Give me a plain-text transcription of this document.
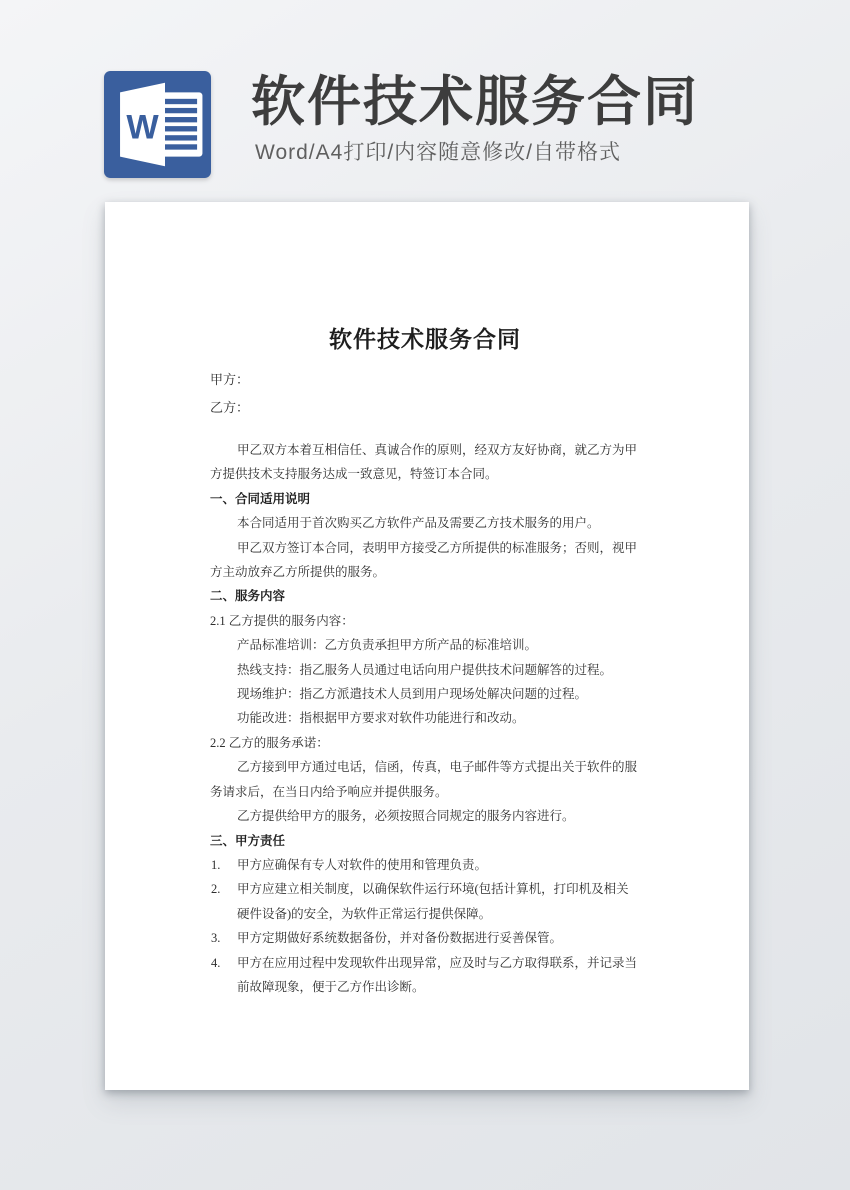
W 软件技术服务合同

Word/A4打印/内容随意修改/自带格式

软件技术服务合同

甲方：

乙方：

甲乙双方本着互相信任、真诚合作的原则，经双方友好协商，就乙方为甲方提供技术支持服务达成一致意见，特签订本合同。

一、合同适用说明

本合同适用于首次购买乙方软件产品及需要乙方技术服务的用户。

甲乙双方签订本合同，表明甲方接受乙方所提供的标准服务；否则，视甲方主动放弃乙方所提供的服务。

二、服务内容

2.1 乙方提供的服务内容：

产品标准培训：乙方负责承担甲方所产品的标准培训。

热线支持：指乙服务人员通过电话向用户提供技术问题解答的过程。

现场维护：指乙方派遣技术人员到用户现场处解决问题的过程。

功能改进：指根据甲方要求对软件功能进行和改动。

2.2 乙方的服务承诺：

乙方接到甲方通过电话，信函，传真，电子邮件等方式提出关于软件的服务请求后，在当日内给予响应并提供服务。

乙方提供给甲方的服务，必须按照合同规定的服务内容进行。

三、甲方责任

1. 甲方应确保有专人对软件的使用和管理负责。

2. 甲方应建立相关制度，以确保软件运行环境(包括计算机，打印机及相关硬件设备)的安全，为软件正常运行提供保障。

3. 甲方定期做好系统数据备份，并对备份数据进行妥善保管。

4. 甲方在应用过程中发现软件出现异常，应及时与乙方取得联系，并记录当前故障现象，便于乙方作出诊断。
